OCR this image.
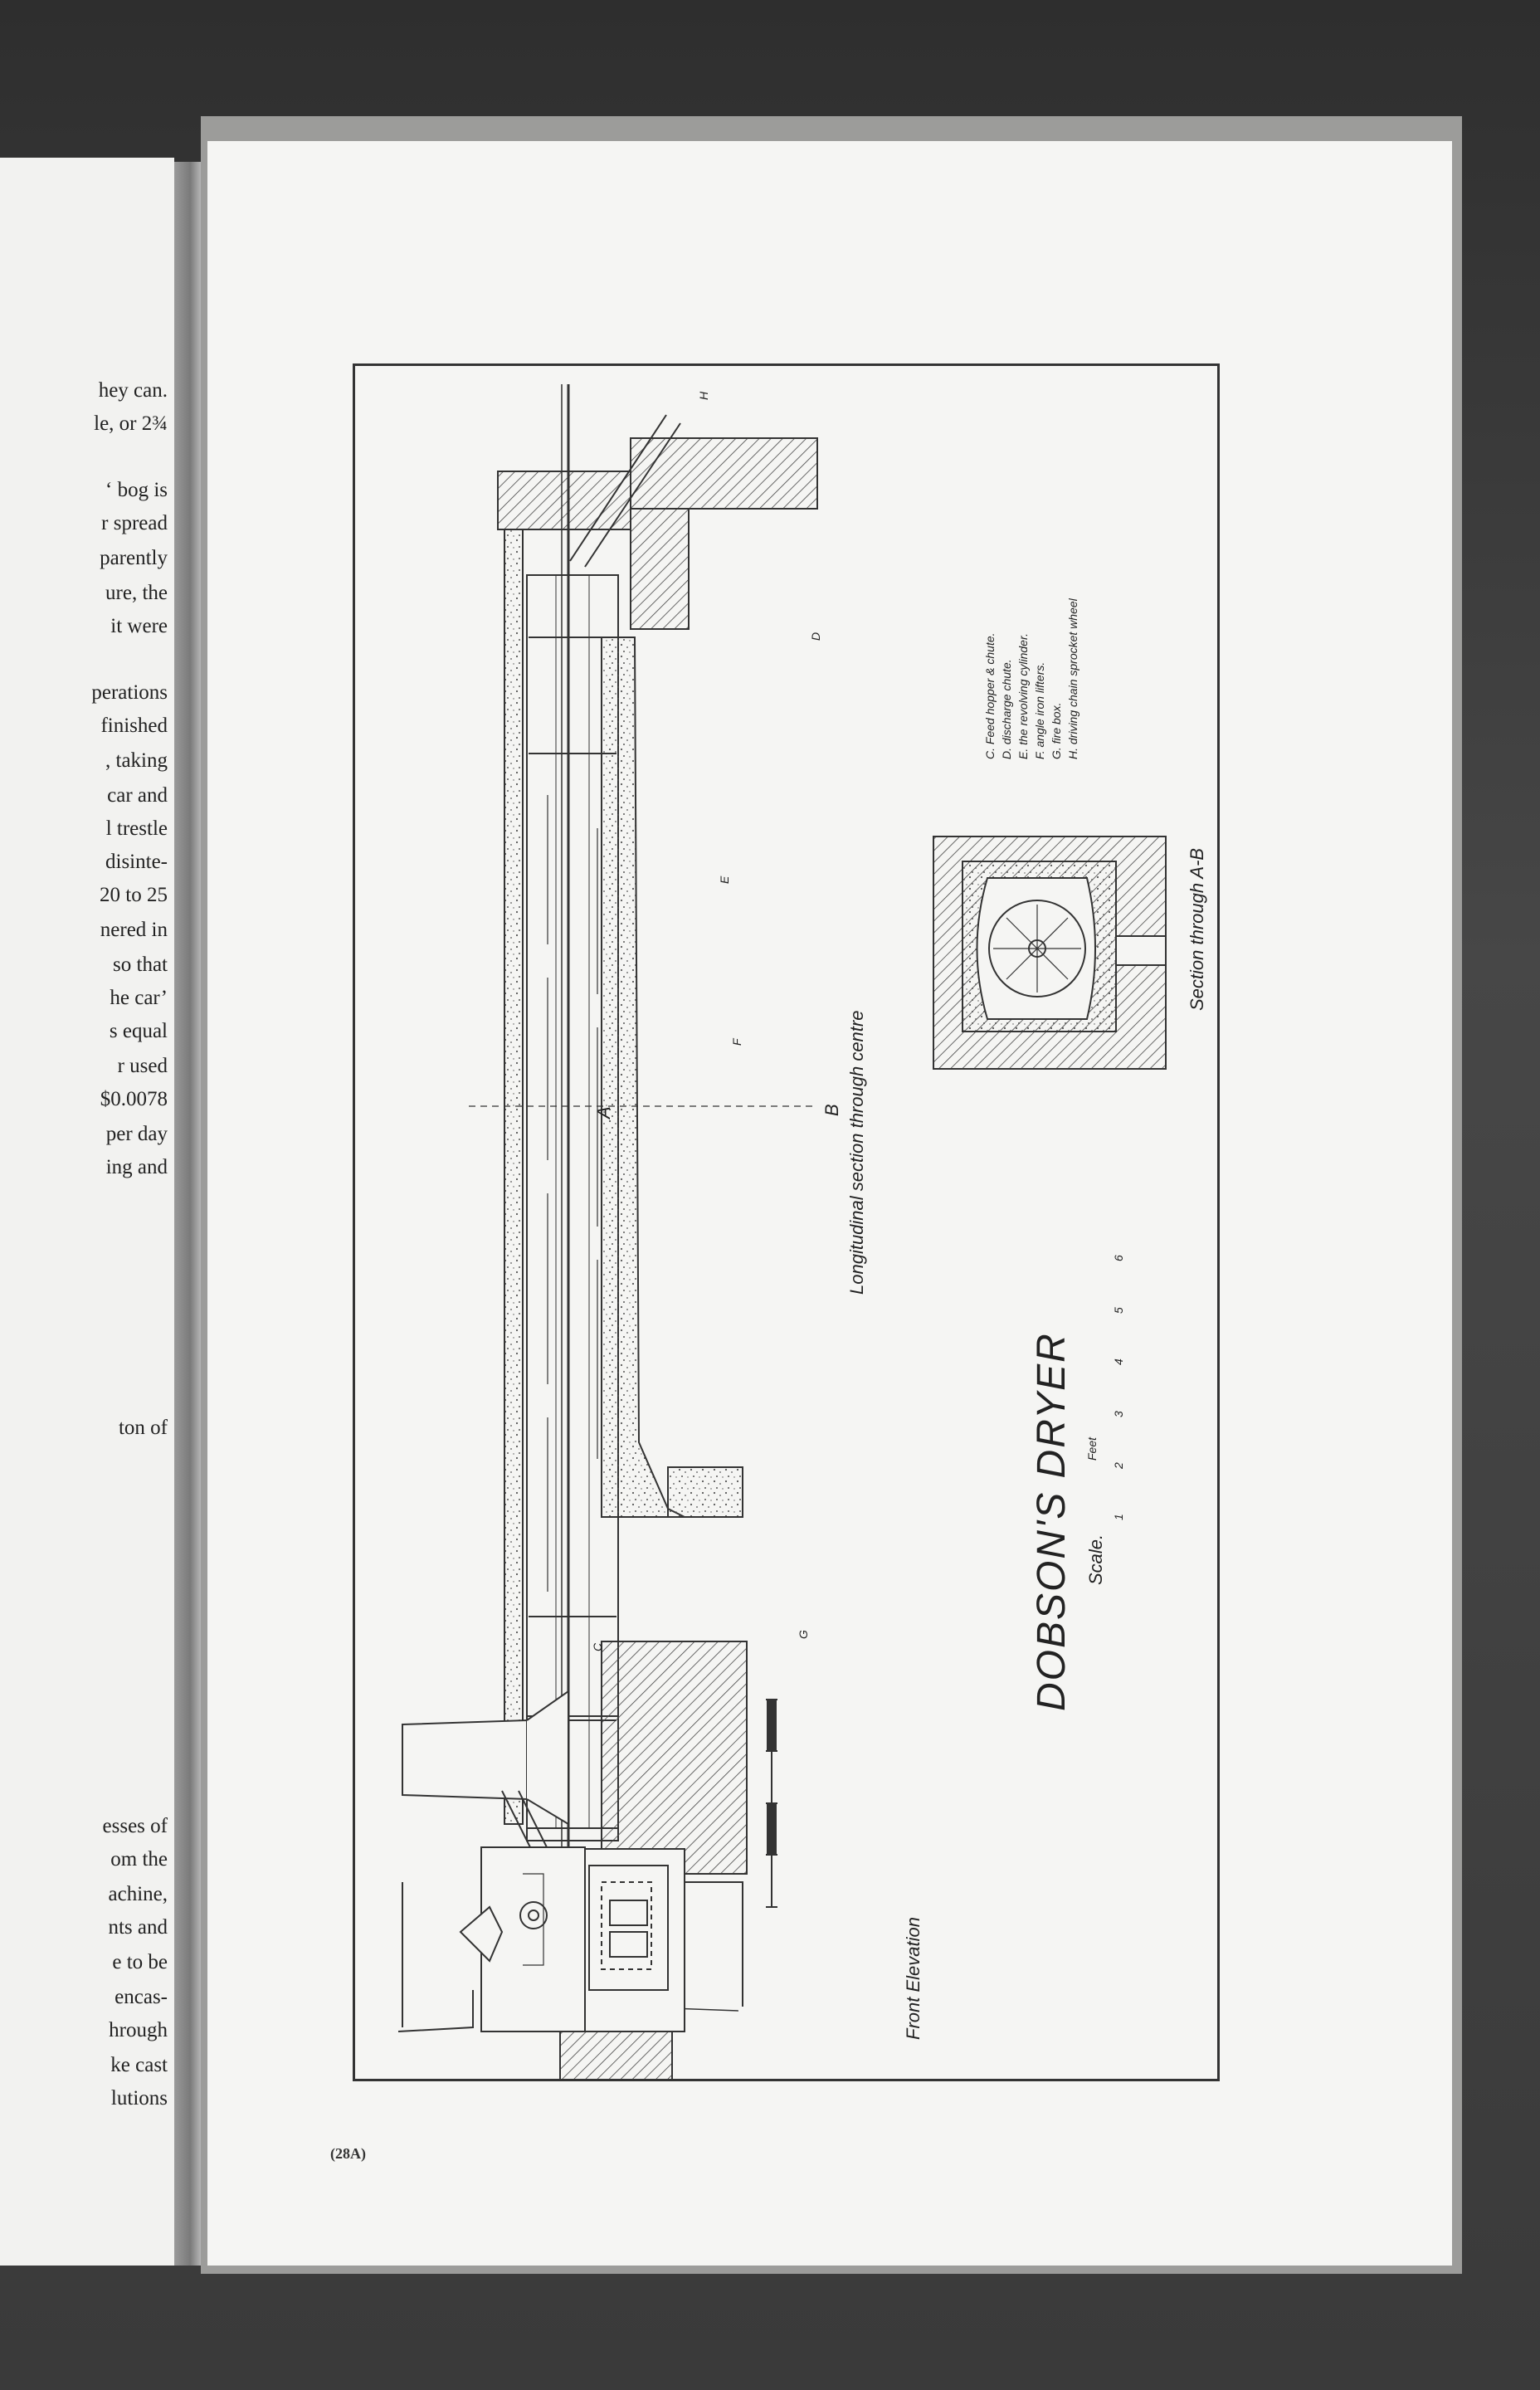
hey can.
le, or 2¾
‘ bog is
r spread
parently
ure, the
it were
perations
finished
, taking
car and
l trestle
disinte-
20 to 25
nered in
so that
he car’
s equal
r used
$0.0078
per day
ing and
ton of
esses of
om the
achine,
nts and
e to be
encas-
hrough
ke cast
lutions
DOBSON'S DRYER Scale.
Feet
1
2
3
4
5
6
Longitudinal section through centre
Section through A-B
Front Elevation
A	B
C
D
E
F
G
H
C. Feed hopper & chute. D. discharge chute. E. the revolving cylinder. F. angle iron lifters. G. fire box. H. driving chain sprocket wheel
(28A)
